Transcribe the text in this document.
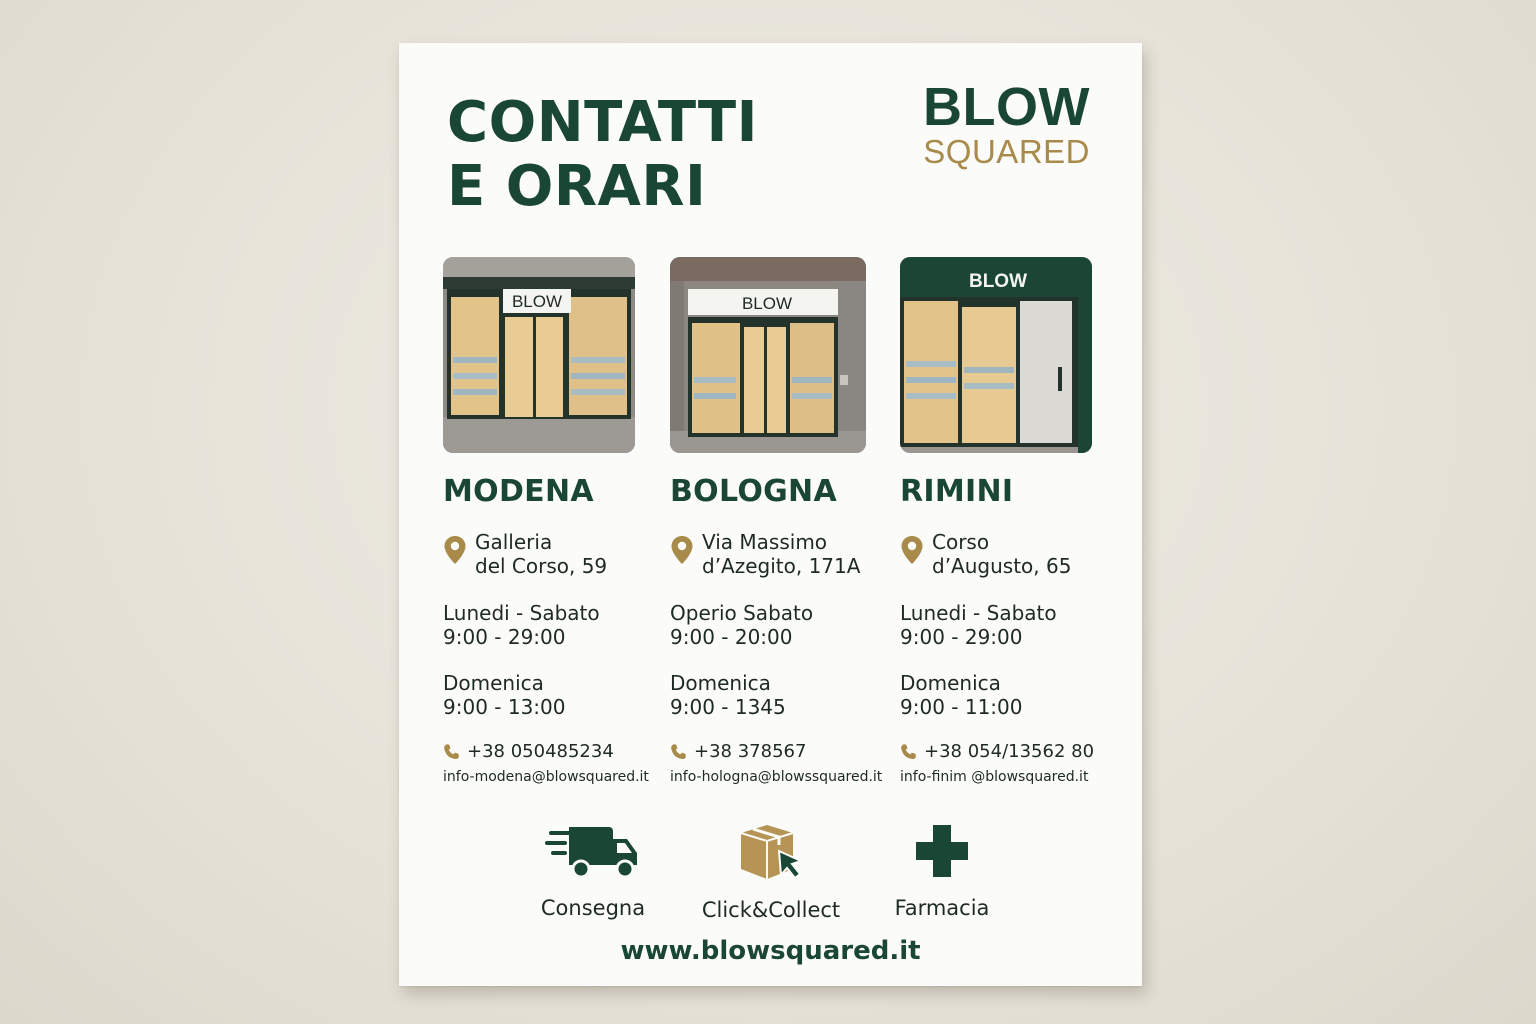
CONTATTI
E ORARI
BLOW
SQUARED
BLOW
MODENA
Galleria
del Corso, 59
Lunedi - Sabato
9:00 - 29:00
Domenica
9:00 - 13:00
+38 050485234
info-modena@blowsquared.it
BLOW
BOLOGNA
Via Massimo
d’Azegito, 171A
Operio Sabato
9:00 - 20:00
Domenica
9:00 - 1345
+38 378567
info-hologna@blowssquared.it
BLOW
RIMINI
Corso
d’Augusto, 65
Lunedi - Sabato
9:00 - 29:00
Domenica
9:00 - 11:00
+38 054/13562 80
info-finim @blowsquared.it
Consegna	Click&Collect	Farmacia
www.blowsquared.it
